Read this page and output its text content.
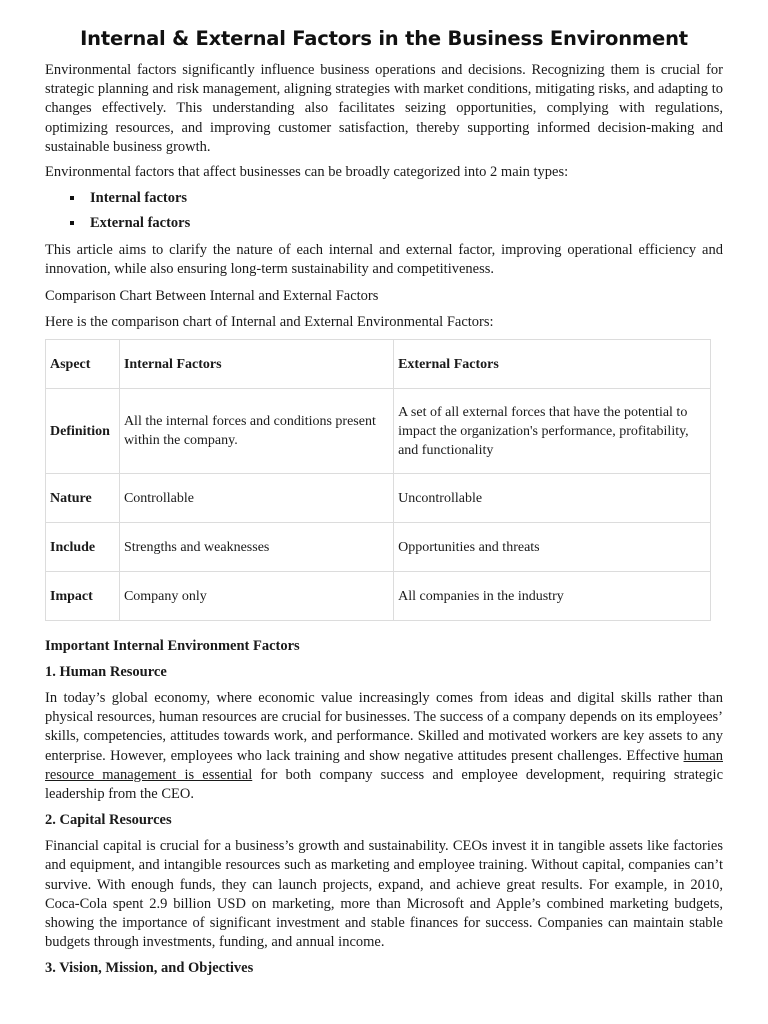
Internal & External Factors in the Business Environment

Environmental factors significantly influence business operations and decisions. Recognizing them is crucial for strategic planning and risk management, aligning strategies with market conditions, mitigating risks, and adapting to changes effectively. This understanding also facilitates seizing opportunities, complying with regulations, optimizing resources, and improving customer satisfaction, thereby supporting informed decision-making and sustainable business growth.

Environmental factors that affect businesses can be broadly categorized into 2 main types:

Internal factors
External factors

This article aims to clarify the nature of each internal and external factor, improving operational efficiency and innovation, while also ensuring long-term sustainability and competitiveness.

Comparison Chart Between Internal and External Factors

Here is the comparison chart of Internal and External Environmental Factors:

Aspect	Internal Factors	External Factors
Definition	All the internal forces and conditions present within the company.	A set of all external forces that have the potential to impact the organization's performance, profitability, and functionality
Nature	Controllable	Uncontrollable
Include	Strengths and weaknesses	Opportunities and threats
Impact	Company only	All companies in the industry
Important Internal Environment Factors
1. Human Resource

In today’s global economy, where economic value increasingly comes from ideas and digital skills rather than physical resources, human resources are crucial for businesses. The success of a company depends on its employees’ skills, competencies, attitudes towards work, and performance. Skilled and motivated workers are key assets to any enterprise. However, employees who lack training and show negative attitudes present challenges. Effective human resource management is essential for both company success and employee development, requiring strategic leadership from the CEO.

2. Capital Resources

Financial capital is crucial for a business’s growth and sustainability. CEOs invest it in tangible assets like factories and equipment, and intangible resources such as marketing and employee training. Without capital, companies can’t survive. With enough funds, they can launch projects, expand, and achieve great results. For example, in 2010, Coca-Cola spent 2.9 billion USD on marketing, more than Microsoft and Apple’s combined marketing budgets, showing the importance of significant investment and stable finances for success. Companies can maintain stable budgets through investments, funding, and annual income.

3. Vision, Mission, and Objectives
